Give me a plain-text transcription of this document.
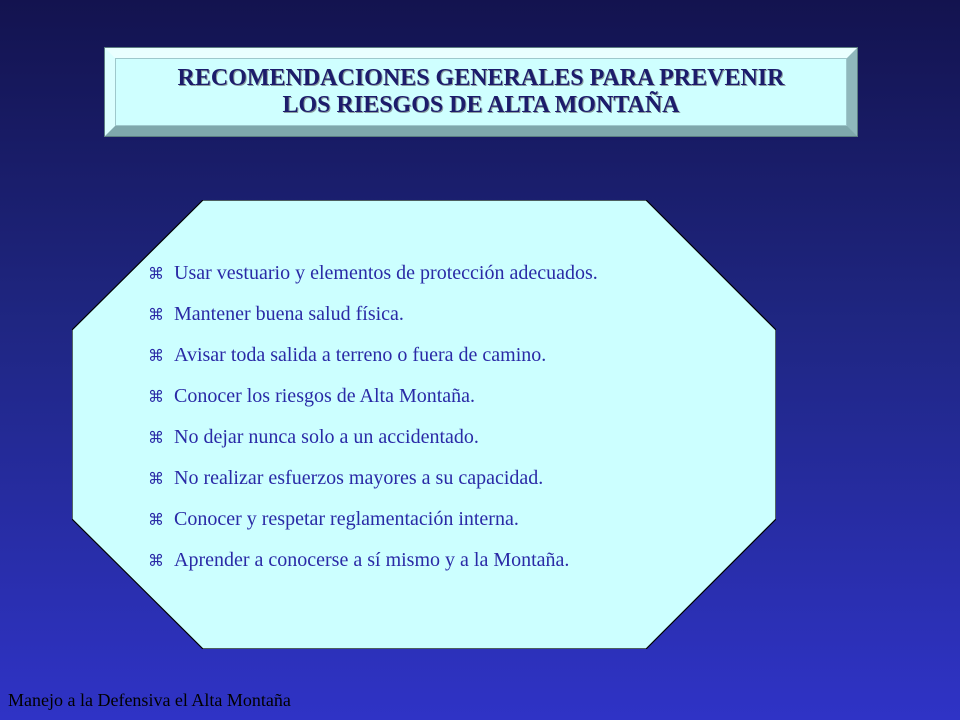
RECOMENDACIONES GENERALES PARA PREVENIR
LOS RIESGOS DE ALTA MONTAÑA
⌘ Usar vestuario y elementos de protección adecuados.
⌘ Mantener buena salud física.
⌘ Avisar toda salida a terreno o fuera de camino.
⌘ Conocer los riesgos de Alta Montaña.
⌘ No dejar nunca solo a un accidentado.
⌘ No realizar esfuerzos mayores a su capacidad.
⌘ Conocer y respetar reglamentación interna.
⌘ Aprender a conocerse a sí mismo y a la Montaña.
Manejo a la Defensiva el Alta Montaña
